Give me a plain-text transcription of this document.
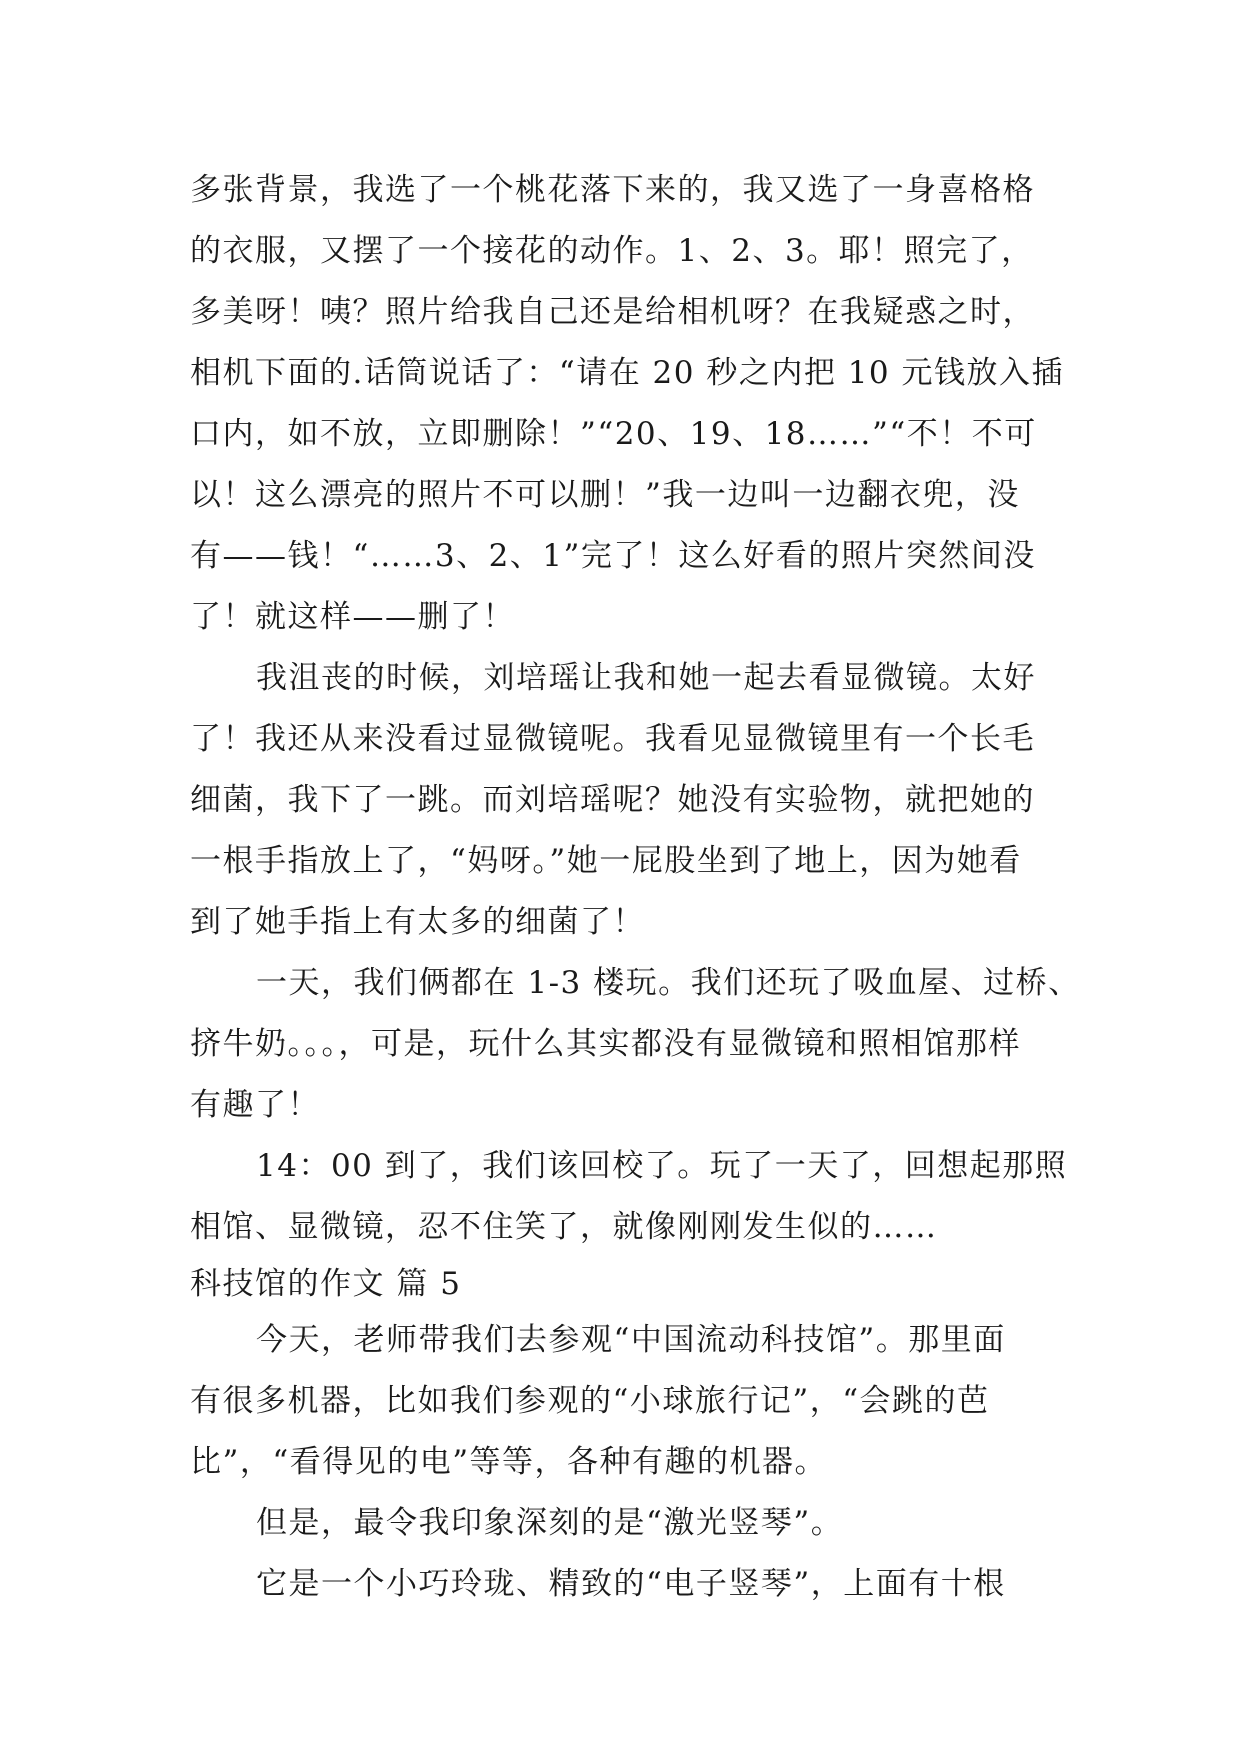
多张背景，我选了一个桃花落下来的，我又选了一身喜格格
的衣服，又摆了一个接花的动作。1、2、3。耶！照完了，
多美呀！咦？照片给我自己还是给相机呀？在我疑惑之时，
相机下面的.话筒说话了：“请在 20 秒之内把 10 元钱放入插
口内，如不放，立即删除！”“20、19、18……”“不！不可
以！这么漂亮的照片不可以删！”我一边叫一边翻衣兜，没
有——钱！“……3、2、1”完了！这么好看的照片突然间没
了！就这样——删了！
我沮丧的时候，刘培瑶让我和她一起去看显微镜。太好
了！我还从来没看过显微镜呢。我看见显微镜里有一个长毛
细菌，我下了一跳。而刘培瑶呢？她没有实验物，就把她的
一根手指放上了，“妈呀。”她一屁股坐到了地上，因为她看
到了她手指上有太多的细菌了！
一天，我们俩都在 1-3 楼玩。我们还玩了吸血屋、过桥、
挤牛奶。。。，可是，玩什么其实都没有显微镜和照相馆那样
有趣了！
14：00 到了，我们该回校了。玩了一天了，回想起那照
相馆、显微镜，忍不住笑了，就像刚刚发生似的……
科技馆的作文 篇 5
今天，老师带我们去参观“中国流动科技馆”。那里面
有很多机器，比如我们参观的“小球旅行记”，“会跳的芭
比”，“看得见的电”等等，各种有趣的机器。
但是，最令我印象深刻的是“激光竖琴”。
它是一个小巧玲珑、精致的“电子竖琴”，上面有十根
